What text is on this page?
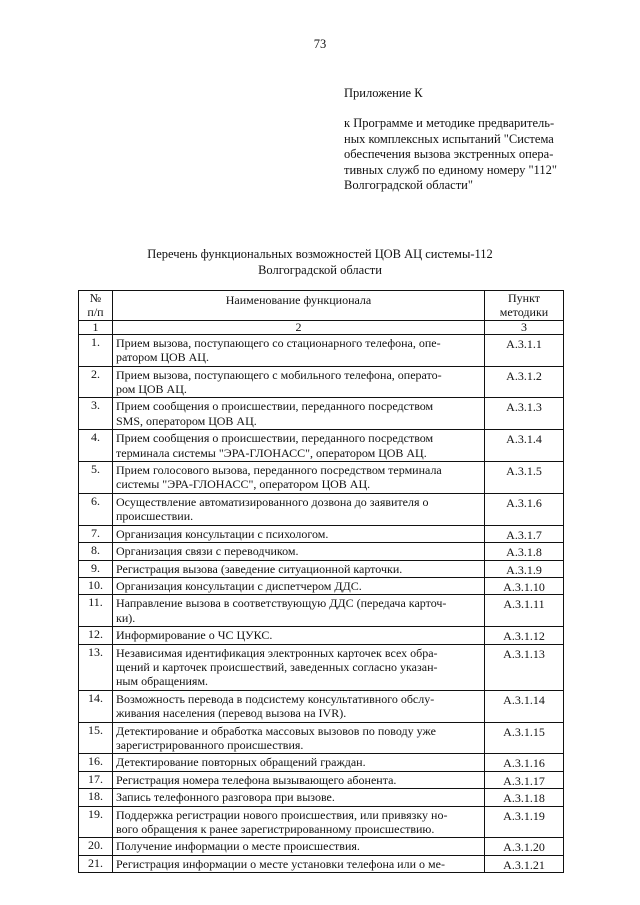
73
Приложение К
к Программе и методике предваритель-
ных комплексных испытаний "Система
обеспечения вызова экстренных опера-
тивных служб по единому номеру "112"
Волгоградской области"
Перечень функциональных возможностей ЦОВ АЦ системы-112
Волгоградской области
№
п/п	Наименование функционала	Пункт
методики

1	2	3
1.	Прием вызова, поступающего со стационарного телефона, опе-
ратором ЦОВ АЦ.	А.3.1.1
2.	Прием вызова, поступающего с мобильного телефона, операто-
ром ЦОВ АЦ.	А.3.1.2
3.	Прием сообщения о происшествии, переданного посредством
SMS, оператором ЦОВ АЦ.	А.3.1.3
4.	Прием сообщения о происшествии, переданного посредством
терминала системы "ЭРА-ГЛОНАСС", оператором ЦОВ АЦ.	А.3.1.4
5.	Прием голосового вызова, переданного посредством терминала
системы "ЭРА-ГЛОНАСС", оператором ЦОВ АЦ.	А.3.1.5
6.	Осуществление автоматизированного дозвона до заявителя о
происшествии.	А.3.1.6
7.	Организация консультации с психологом.	А.3.1.7
8.	Организация связи с переводчиком.	А.3.1.8
9.	Регистрация вызова (заведение ситуационной карточки.	А.3.1.9
10.	Организация консультации с диспетчером ДДС.	А.3.1.10
11.	Направление вызова в соответствующую ДДС (передача карточ-
ки).	А.3.1.11
12.	Информирование о ЧС ЦУКС.	А.3.1.12
13.	Независимая идентификация электронных карточек всех обра-
щений и карточек происшествий, заведенных согласно указан-
ным обращениям.	А.3.1.13
14.	Возможность перевода в подсистему консультативного обслу-
живания населения (перевод вызова на IVR).	А.3.1.14
15.	Детектирование и обработка массовых вызовов по поводу уже
зарегистрированного происшествия.	А.3.1.15
16.	Детектирование повторных обращений граждан.	А.3.1.16
17.	Регистрация номера телефона вызывающего абонента.	А.3.1.17
18.	Запись телефонного разговора при вызове.	А.3.1.18
19.	Поддержка регистрации нового происшествия, или привязку но-
вого обращения к ранее зарегистрированному происшествию.	А.3.1.19
20.	Получение информации о месте происшествия.	А.3.1.20
21.	Регистрация информации о месте установки телефона или о ме-	А.3.1.21
